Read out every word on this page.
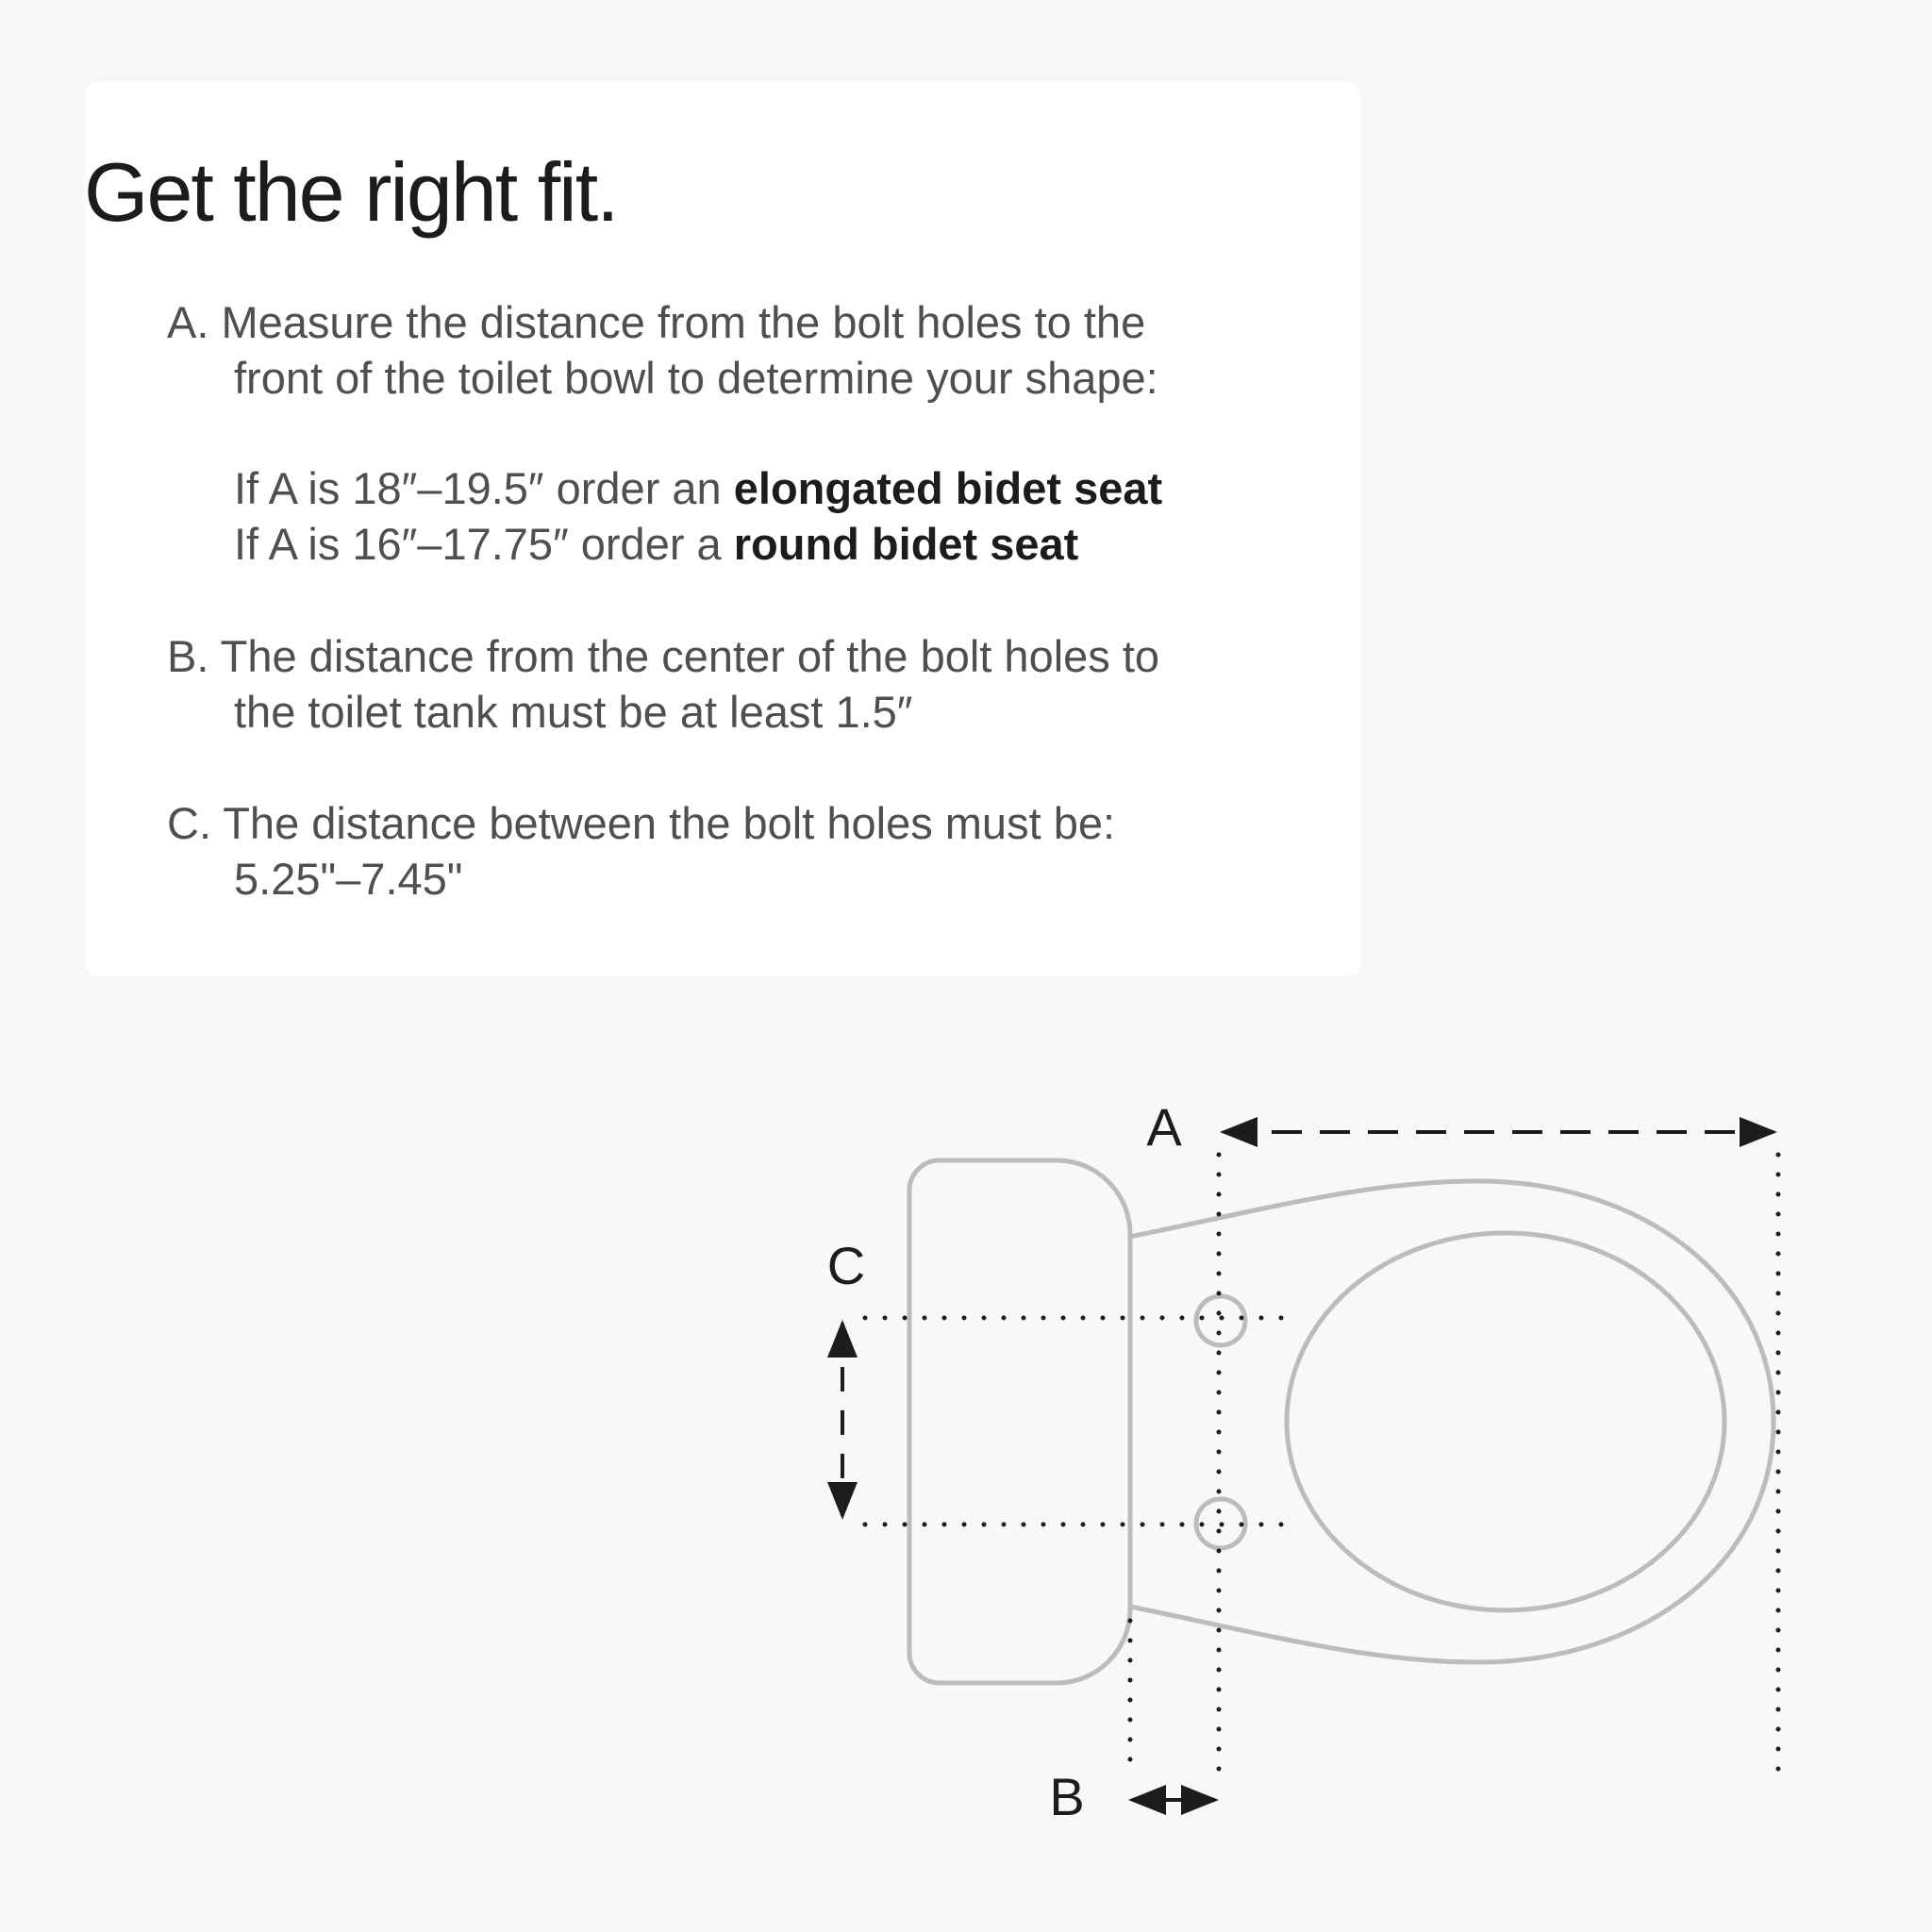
Get the right fit.

A. Measure the distance from the bolt holes to the

front of the toilet bowl to determine your shape:

If A is 18″–19.5″ order an elongated bidet seat

If A is 16″–17.75″ order a round bidet seat

B. The distance from the center of the bolt holes to

the toilet tank must be at least 1.5″

C. The distance between the bolt holes must be:

5.25"–7.45"

A
B
C
